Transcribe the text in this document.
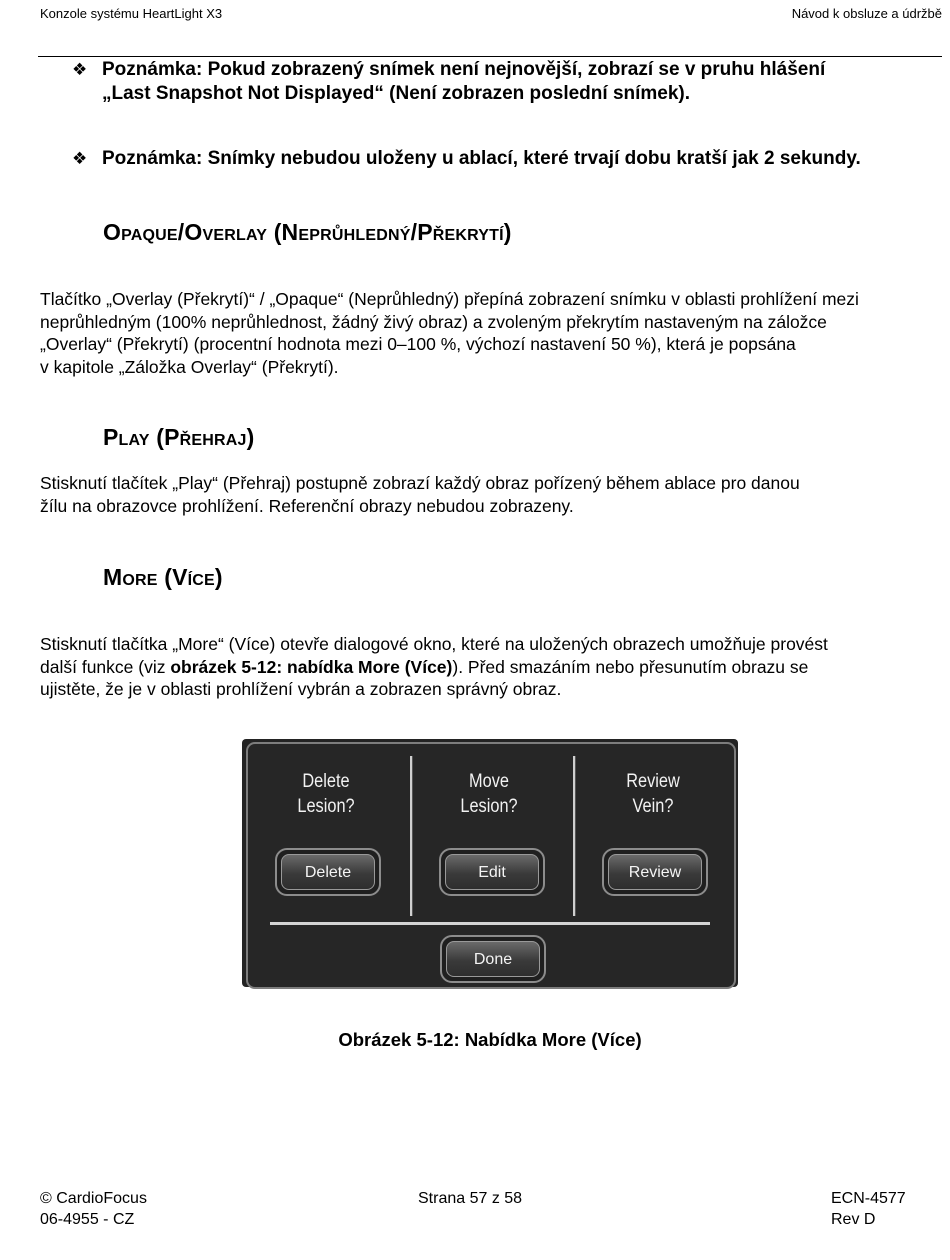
Konzole systému HeartLight X3	Návod k obsluze a údržbě
❖ Poznámka: Pokud zobrazený snímek není nejnovější, zobrazí se v pruhu hlášení
„Last Snapshot Not Displayed“ (Není zobrazen poslední snímek).
❖ Poznámka: Snímky nebudou uloženy u ablací, které trvají dobu kratší jak 2 sekundy.
Opaque/Overlay (Neprůhledný/Překrytí)
Tlačítko „Overlay (Překrytí)“ / „Opaque“ (Neprůhledný) přepíná zobrazení snímku v oblasti prohlížení mezi
neprůhledným (100% neprůhlednost, žádný živý obraz) a zvoleným překrytím nastaveným na záložce
„Overlay“ (Překrytí) (procentní hodnota mezi 0–100 %, výchozí nastavení 50 %), která je popsána
v kapitole „Záložka Overlay“ (Překrytí).
Play (Přehraj)
Stisknutí tlačítek „Play“ (Přehraj) postupně zobrazí každý obraz pořízený během ablace pro danou
žílu na obrazovce prohlížení. Referenční obrazy nebudou zobrazeny.
More (Více)
Stisknutí tlačítka „More“ (Více) otevře dialogové okno, které na uložených obrazech umožňuje provést
další funkce (viz obrázek 5-12: nabídka More (Více)). Před smazáním nebo přesunutím obrazu se
ujistěte, že je v oblasti prohlížení vybrán a zobrazen správný obraz.
Delete
Lesion?
Move
Lesion?
Review
Vein?
Delete	Edit	Review
Done
Obrázek 5-12: Nabídka More (Více)
© CardioFocus
06-4955 - CZ
Strana 57 z 58	ECN-4577
Rev D
